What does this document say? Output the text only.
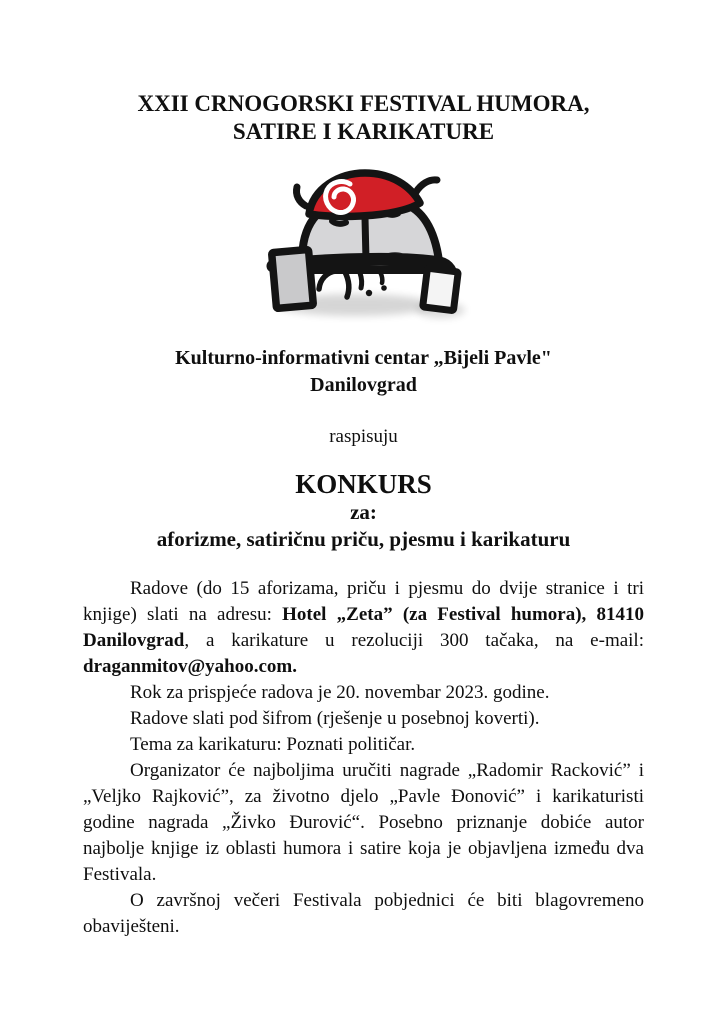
XXII CRNOGORSKI FESTIVAL HUMORA,
SATIRE I KARIKATURE
Kulturno-informativni centar „Bijeli Pavle"
Danilovgrad
raspisuju
KONKURS
za:
aforizme, satiričnu priču, pjesmu i karikaturu

Radove (do 15 aforizama, priču i pjesmu do dvije stranice i tri knjige) slati na adresu: Hotel „Zeta” (za Festival humora), 81410 Danilovgrad, a karikature u rezoluciji 300 tačaka, na e-mail: draganmitov@yahoo.com.

Rok za prispjeće radova je 20. novembar 2023. godine.

Radove slati pod šifrom (rješenje u posebnoj koverti).

Tema za karikaturu: Poznati političar.

Organizator će najboljima uručiti nagrade „Radomir Racković” i „Veljko Rajković”, za životno djelo „Pavle Đonović” i karikaturisti godine nagrada „Živko Đurović“. Posebno priznanje dobiće autor najbolje knjige iz oblasti humora i satire koja je objavljena između dva Festivala.

O završnoj večeri Festivala pobjednici će biti blagovremeno obaviješteni.
